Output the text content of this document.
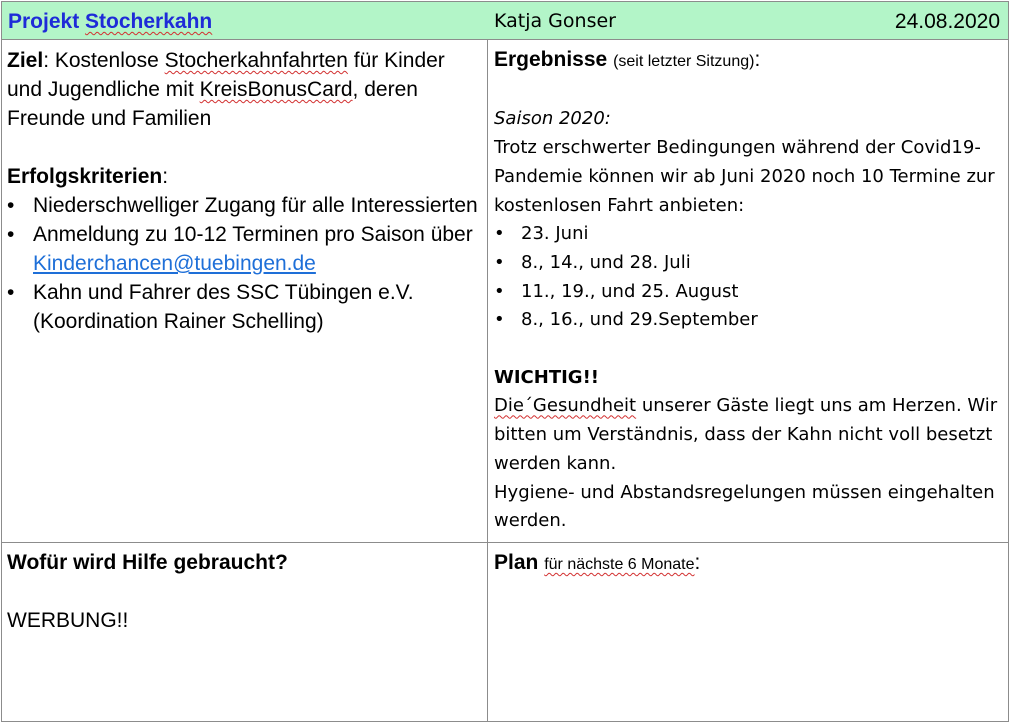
Projekt Stocherkahn	Katja Gonser	24.08.2020
Ziel: Kostenlose Stocherkahnfahrten für Kinder und Jugendliche mit KreisBonusCard, deren Freunde und Familien
Erfolgskriterien:
• Niederschwelliger Zugang für alle Interessierten
• Anmeldung zu 10-12 Terminen pro Saison über Kinderchancen@tuebingen.de
• Kahn und Fahrer des SSC Tübingen e.V. (Koordination Rainer Schelling)
Ergebnisse (seit letzter Sitzung):
Saison 2020:
Trotz erschwerter Bedingungen während der Covid19-Pandemie können wir ab Juni 2020 noch 10 Termine zur kostenlosen Fahrt anbieten:
• 23. Juni
• 8., 14., und 28. Juli
• 11., 19., und 25. August
• 8., 16., und 29.September
WICHTIG!!
Die´Gesundheit unserer Gäste liegt uns am Herzen. Wir bitten um Verständnis, dass der Kahn nicht voll besetzt werden kann.
Hygiene- und Abstandsregelungen müssen eingehalten werden.
Wofür wird Hilfe gebraucht?
WERBUNG!!
Plan für nächste 6 Monate:
